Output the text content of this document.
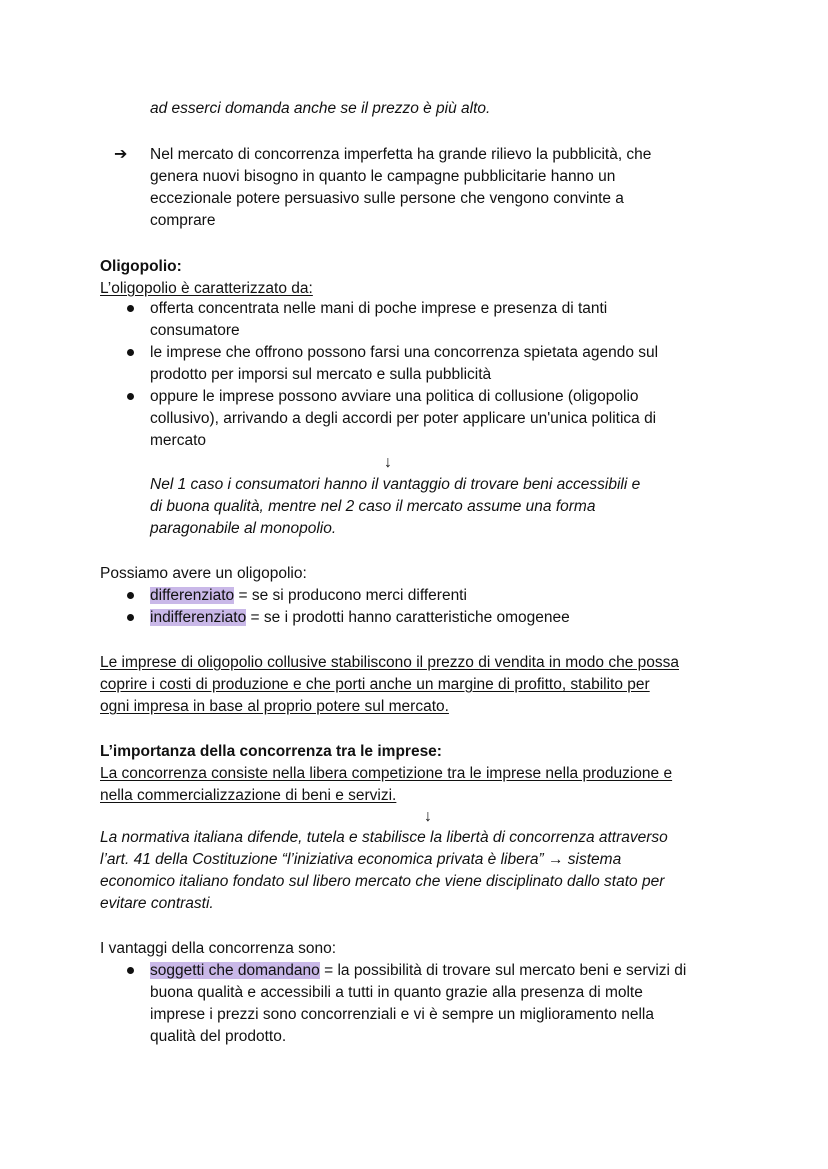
ad esserci domanda anche se il prezzo è più alto.
➔ Nel mercato di concorrenza imperfetta ha grande rilievo la pubblicità, che
genera nuovi bisogno in quanto le campagne pubblicitarie hanno un
eccezionale potere persuasivo sulle persone che vengono convinte a
comprare
Oligopolio:
L’oligopolio è caratterizzato da:
offerta concentrata nelle mani di poche imprese e presenza di tanti
consumatore
le imprese che offrono possono farsi una concorrenza spietata agendo sul
prodotto per imporsi sul mercato e sulla pubblicità
oppure le imprese possono avviare una politica di collusione (oligopolio
collusivo), arrivando a degli accordi per poter applicare un'unica politica di
mercato
↓
Nel 1 caso i consumatori hanno il vantaggio di trovare beni accessibili e
di buona qualità, mentre nel 2 caso il mercato assume una forma
paragonabile al monopolio.
Possiamo avere un oligopolio:
differenziato = se si producono merci differenti
indifferenziato = se i prodotti hanno caratteristiche omogenee
Le imprese di oligopolio collusive stabiliscono il prezzo di vendita in modo che possa
coprire i costi di produzione e che porti anche un margine di profitto, stabilito per
ogni impresa in base al proprio potere sul mercato.
L’importanza della concorrenza tra le imprese:
La concorrenza consiste nella libera competizione tra le imprese nella produzione e
nella commercializzazione di beni e servizi.
↓
La normativa italiana difende, tutela e stabilisce la libertà di concorrenza attraverso
l’art. 41 della Costituzione “l’iniziativa economica privata è libera” → sistema
economico italiano fondato sul libero mercato che viene disciplinato dallo stato per
evitare contrasti.
I vantaggi della concorrenza sono:
soggetti che domandano = la possibilità di trovare sul mercato beni e servizi di
buona qualità e accessibili a tutti in quanto grazie alla presenza di molte
imprese i prezzi sono concorrenziali e vi è sempre un miglioramento nella
qualità del prodotto.
